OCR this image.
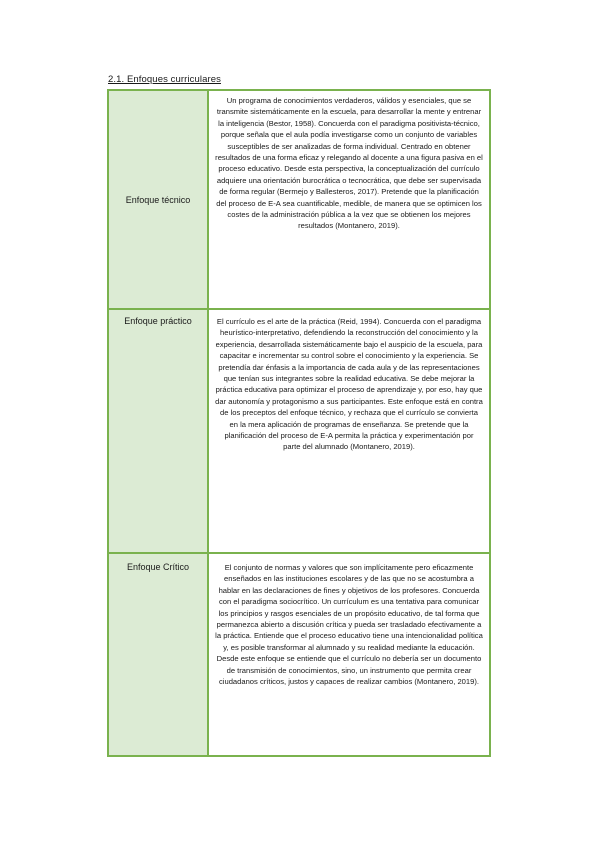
2.1. Enfoques curriculares
Enfoque técnico	Un programa de conocimientos verdaderos, válidos y esenciales, que se transmite sistemáticamente en la escuela, para desarrollar la mente y entrenar la inteligencia (Bestor, 1958). Concuerda con el paradigma positivista-técnico, porque señala que el aula podía investigarse como un conjunto de variables susceptibles de ser analizadas de forma individual. Centrado en obtener resultados de una forma eficaz y relegando al docente a una figura pasiva en el proceso educativo. Desde esta perspectiva, la conceptualización del currículo adquiere una orientación burocrática o tecnocrática, que debe ser supervisada de forma regular (Bermejo y Ballesteros, 2017). Pretende que la planificación del proceso de E-A sea cuantificable, medible, de manera que se optimicen los costes de la administración pública a la vez que se obtienen los mejores resultados (Montanero, 2019).
Enfoque práctico	El currículo es el arte de la práctica (Reid, 1994). Concuerda con el paradigma heurístico-interpretativo, defendiendo la reconstrucción del conocimiento y la experiencia, desarrollada sistemáticamente bajo el auspicio de la escuela, para capacitar e incrementar su control sobre el conocimiento y la experiencia. Se pretendía dar énfasis a la importancia de cada aula y de las representaciones que tenían sus integrantes sobre la realidad educativa. Se debe mejorar la práctica educativa para optimizar el proceso de aprendizaje y, por eso, hay que dar autonomía y protagonismo a sus participantes. Este enfoque está en contra de los preceptos del enfoque técnico, y rechaza que el currículo se convierta en la mera aplicación de programas de enseñanza. Se pretende que la planificación del proceso de E-A permita la práctica y experimentación por parte del alumnado (Montanero, 2019).
Enfoque Crítico	El conjunto de normas y valores que son implícitamente pero eficazmente enseñados en las instituciones escolares y de las que no se acostumbra a hablar en las declaraciones de fines y objetivos de los profesores. Concuerda con el paradigma sociocrítico. Un currículum es una tentativa para comunicar los principios y rasgos esenciales de un propósito educativo, de tal forma que permanezca abierto a discusión crítica y pueda ser trasladado efectivamente a la práctica. Entiende que el proceso educativo tiene una intencionalidad política y, es posible transformar al alumnado y su realidad mediante la educación. Desde este enfoque se entiende que el currículo no debería ser un documento de transmisión de conocimientos, sino, un instrumento que permita crear ciudadanos críticos, justos y capaces de realizar cambios (Montanero, 2019).
